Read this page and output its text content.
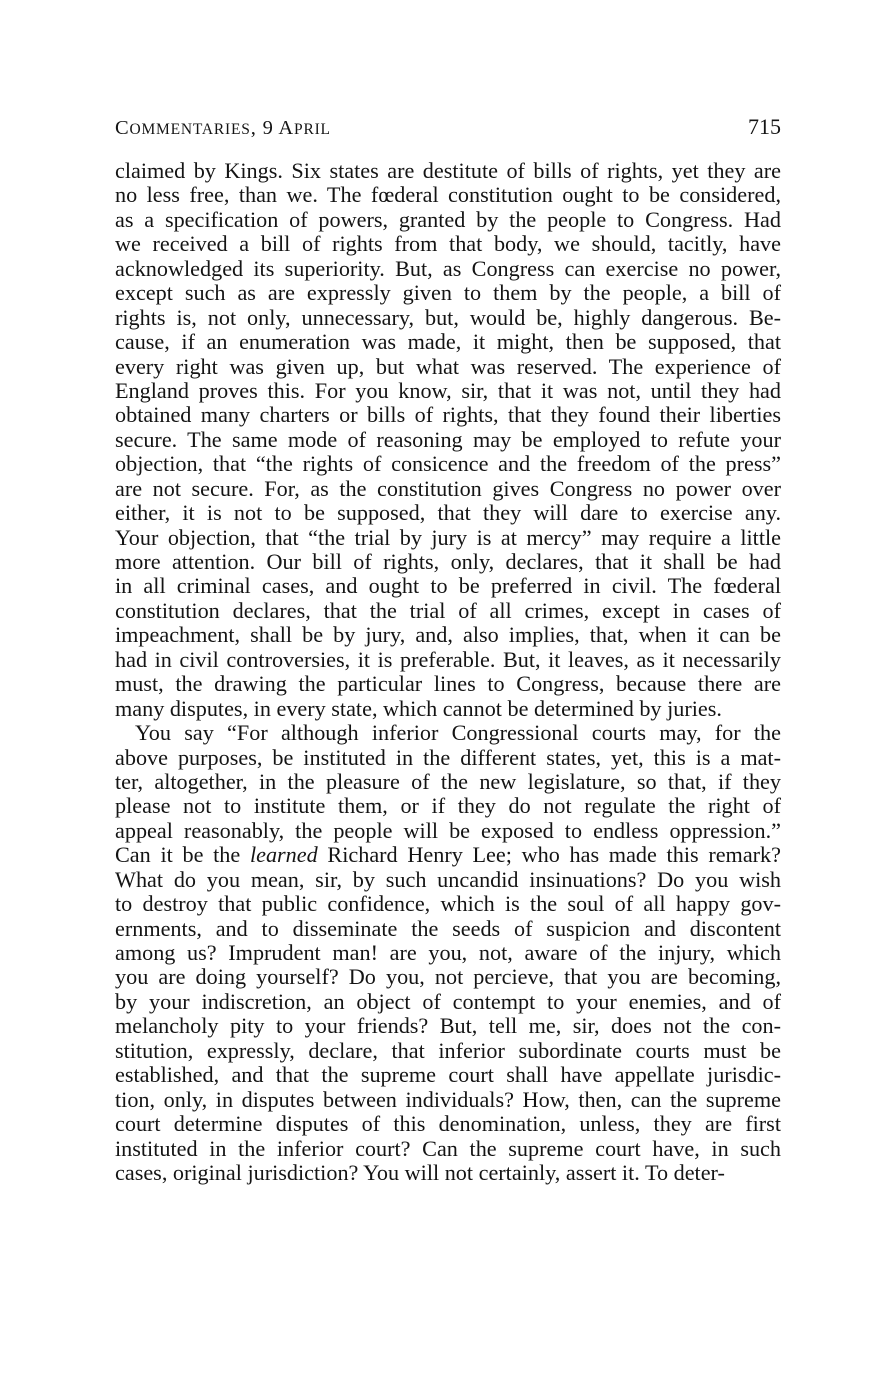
COMMENTARIES, 9 APRIL	715
claimed by Kings. Six states are destitute of bills of rights, yet they are
no less free, than we. The fœderal constitution ought to be considered,
as a specification of powers, granted by the people to Congress. Had
we received a bill of rights from that body, we should, tacitly, have
acknowledged its superiority. But, as Congress can exercise no power,
except such as are expressly given to them by the people, a bill of
rights is, not only, unnecessary, but, would be, highly dangerous. Be-
cause, if an enumeration was made, it might, then be supposed, that
every right was given up, but what was reserved. The experience of
England proves this. For you know, sir, that it was not, until they had
obtained many charters or bills of rights, that they found their liberties
secure. The same mode of reasoning may be employed to refute your
objection, that “the rights of consicence and the freedom of the press”
are not secure. For, as the constitution gives Congress no power over
either, it is not to be supposed, that they will dare to exercise any.
Your objection, that “the trial by jury is at mercy” may require a little
more attention. Our bill of rights, only, declares, that it shall be had
in all criminal cases, and ought to be preferred in civil. The fœderal
constitution declares, that the trial of all crimes, except in cases of
impeachment, shall be by jury, and, also implies, that, when it can be
had in civil controversies, it is preferable. But, it leaves, as it necessarily
must, the drawing the particular lines to Congress, because there are
many disputes, in every state, which cannot be determined by juries.
You say “For although inferior Congressional courts may, for the
above purposes, be instituted in the different states, yet, this is a mat-
ter, altogether, in the pleasure of the new legislature, so that, if they
please not to institute them, or if they do not regulate the right of
appeal reasonably, the people will be exposed to endless oppression.”
Can it be the learned Richard Henry Lee; who has made this remark?
What do you mean, sir, by such uncandid insinuations? Do you wish
to destroy that public confidence, which is the soul of all happy gov-
ernments, and to disseminate the seeds of suspicion and discontent
among us? Imprudent man! are you, not, aware of the injury, which
you are doing yourself? Do you, not percieve, that you are becoming,
by your indiscretion, an object of contempt to your enemies, and of
melancholy pity to your friends? But, tell me, sir, does not the con-
stitution, expressly, declare, that inferior subordinate courts must be
established, and that the supreme court shall have appellate jurisdic-
tion, only, in disputes between individuals? How, then, can the supreme
court determine disputes of this denomination, unless, they are first
instituted in the inferior court? Can the supreme court have, in such
cases, original jurisdiction? You will not certainly, assert it. To deter-
